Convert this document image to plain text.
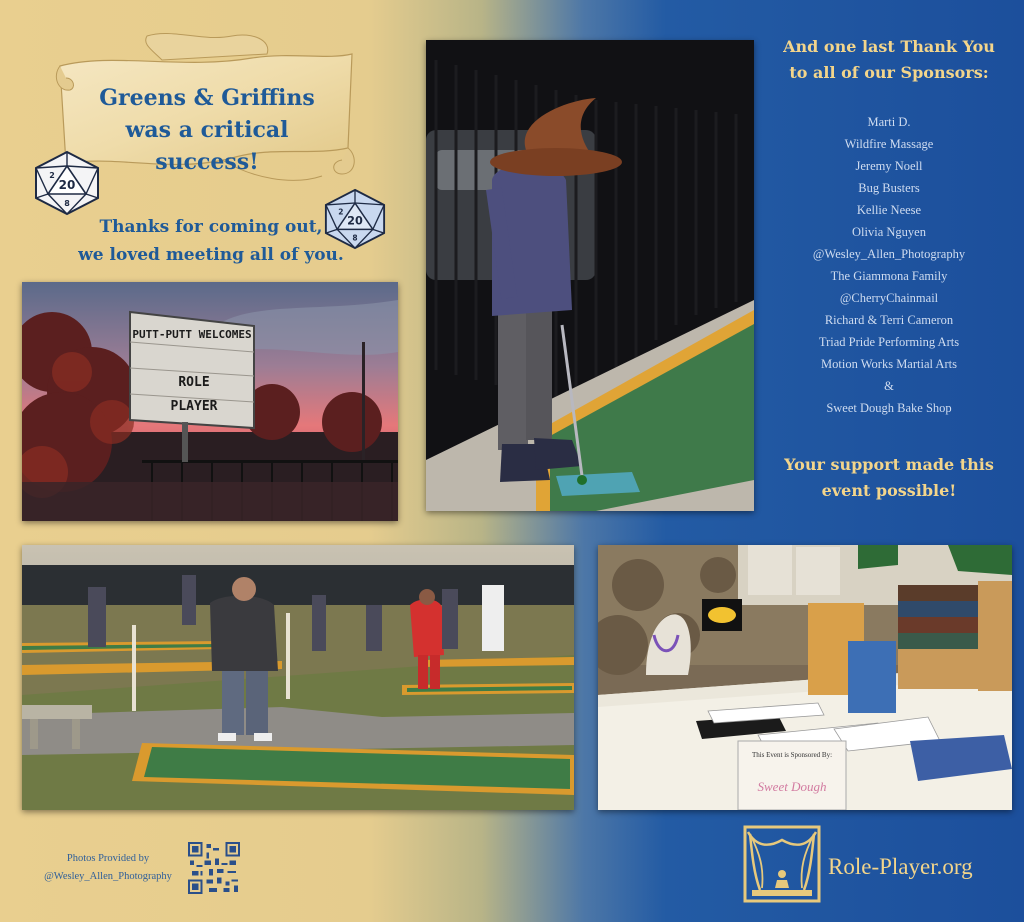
Greens & Griffins
was a critical success!
20
2
8
20
2
8
Thanks for coming out,
we loved meeting all of you.
PUTT-PUTT WELCOMES
ROLE
PLAYER
And one last Thank You
to all of our Sponsors:
Marti D.
Wildfire Massage
Jeremy Noell
Bug Busters
Kellie Neese
Olivia Nguyen
@Wesley_Allen_Photography
The Giammona Family
@CherryChainmail
Richard & Terri Cameron
Triad Pride Performing Arts
Motion Works Martial Arts
&
Sweet Dough Bake Shop
Your support made this
event possible!
This Event is Sponsored By:
Sweet Dough
Photos Provided by
@Wesley_Allen_Photography	Role-Player.org
